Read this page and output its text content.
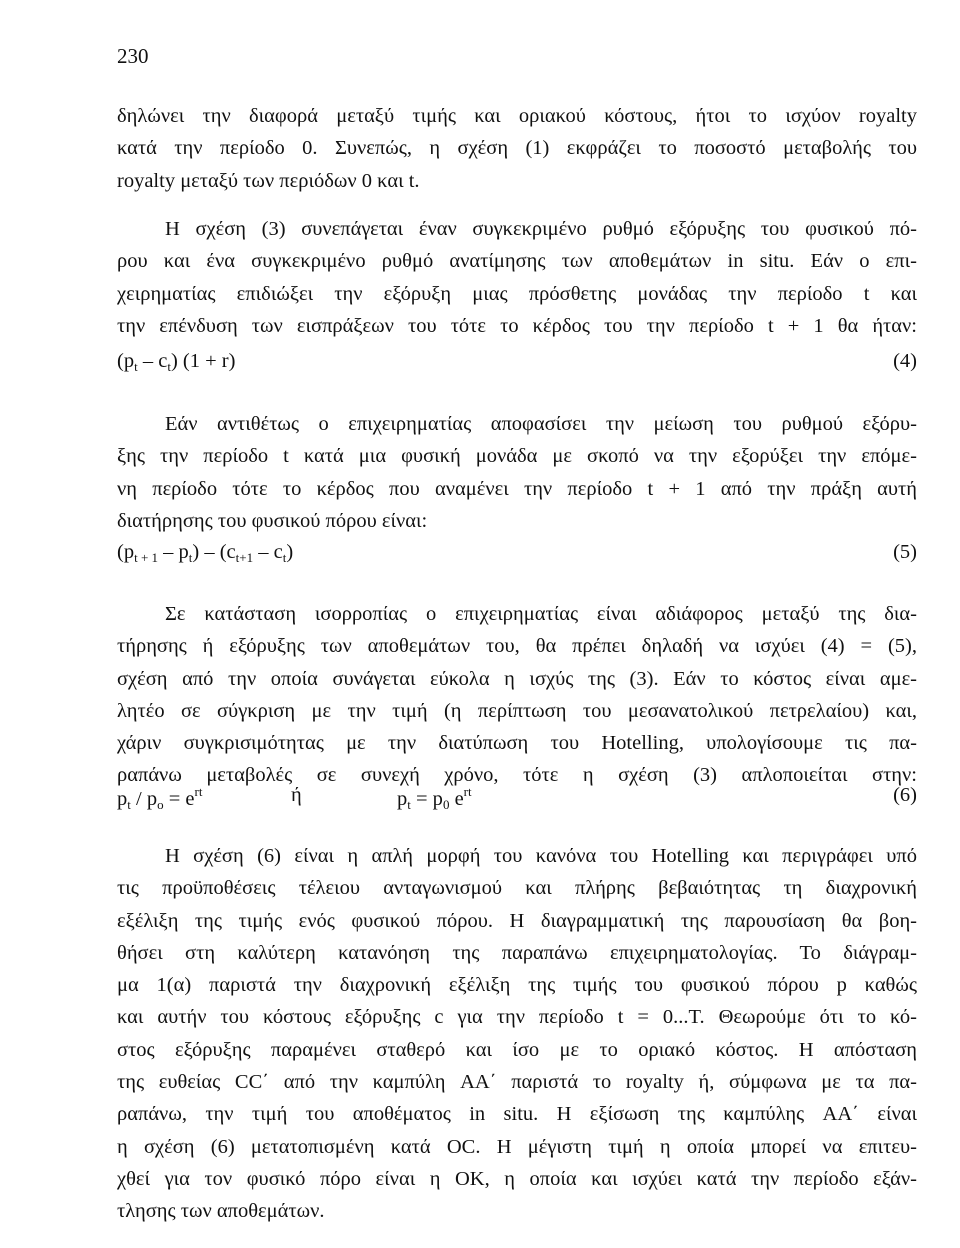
230
δηλώνει την διαφορά μεταξύ τιμής και οριακού κόστους, ήτοι το ισχύον royalty
κατά την περίοδο 0. Συνεπώς, η σχέση (1) εκφράζει το ποσοστό μεταβολής του
royalty μεταξύ των περιόδων 0 και t.
Η σχέση (3) συνεπάγεται έναν συγκεκριμένο ρυθμό εξόρυξης του φυσικού πό-
ρου και ένα συγκεκριμένο ρυθμό ανατίμησης των αποθεμάτων in situ. Εάν ο επι-
χειρηματίας επιδιώξει την εξόρυξη μιας πρόσθετης μονάδας την περίοδο t και
την επένδυση των εισπράξεων του τότε το κέρδος του την περίοδο t + 1 θα ήταν:
$(p_t - c_t) (1 + r)$	(4)
Εάν αντιθέτως ο επιχειρηματίας αποφασίσει την μείωση του ρυθμού εξόρυ-
ξης την περίοδο t κατά μια φυσική μονάδα με σκοπό να την εξορύξει την επόμε-
νη περίοδο τότε το κέρδος που αναμένει την περίοδο t + 1 από την πράξη αυτή
διατήρησης του φυσικού πόρου είναι:
$(p_{t + 1} - p_t) - (c_{t+1} - c_t)$	(5)
Σε κατάσταση ισορροπίας ο επιχειρηματίας είναι αδιάφορος μεταξύ της δια-
τήρησης ή εξόρυξης των αποθεμάτων του, θα πρέπει δηλαδή να ισχύει (4) = (5),
σχέση από την οποία συνάγεται εύκολα η ισχύς της (3). Εάν το κόστος είναι αμε-
λητέο σε σύγκριση με την τιμή (η περίπτωση του μεσανατολικού πετρελαίου) και,
χάριν συγκρισιμότητας με την διατύπωση του Hotelling, υπολογίσουμε τις πα-
ραπάνω μεταβολές σε συνεχή χρόνο, τότε η σχέση (3) απλοποιείται στην:
$p_t / p_o = e^{rt}$	ή	$p_t = p_0$ $e^{rt}$	(6)
Η σχέση (6) είναι η απλή μορφή του κανόνα του Hotelling και περιγράφει υπό
τις προϋποθέσεις τέλειου ανταγωνισμού και πλήρης βεβαιότητας τη διαχρονική
εξέλιξη της τιμής ενός φυσικού πόρου. Η διαγραμματική της παρουσίαση θα βοη-
θήσει στη καλύτερη κατανόηση της παραπάνω επιχειρηματολογίας. Το διάγραμ-
μα 1(α) παριστά την διαχρονική εξέλιξη της τιμής του φυσικού πόρου p καθώς
και αυτήν του κόστους εξόρυξης c για την περίοδο t = 0...T. Θεωρούμε ότι το κό-
στος εξόρυξης παραμένει σταθερό και ίσο με το οριακό κόστος. Η απόσταση
της ευθείας CC΄ από την καμπύλη AA΄ παριστά το royalty ή, σύμφωνα με τα πα-
ραπάνω, την τιμή του αποθέματος in situ. Η εξίσωση της καμπύλης AA΄ είναι
η σχέση (6) μετατοπισμένη κατά OC. Η μέγιστη τιμή η οποία μπορεί να επιτευ-
χθεί για τον φυσικό πόρο είναι η OK, η οποία και ισχύει κατά την περίοδο εξάν-
τλησης των αποθεμάτων.
